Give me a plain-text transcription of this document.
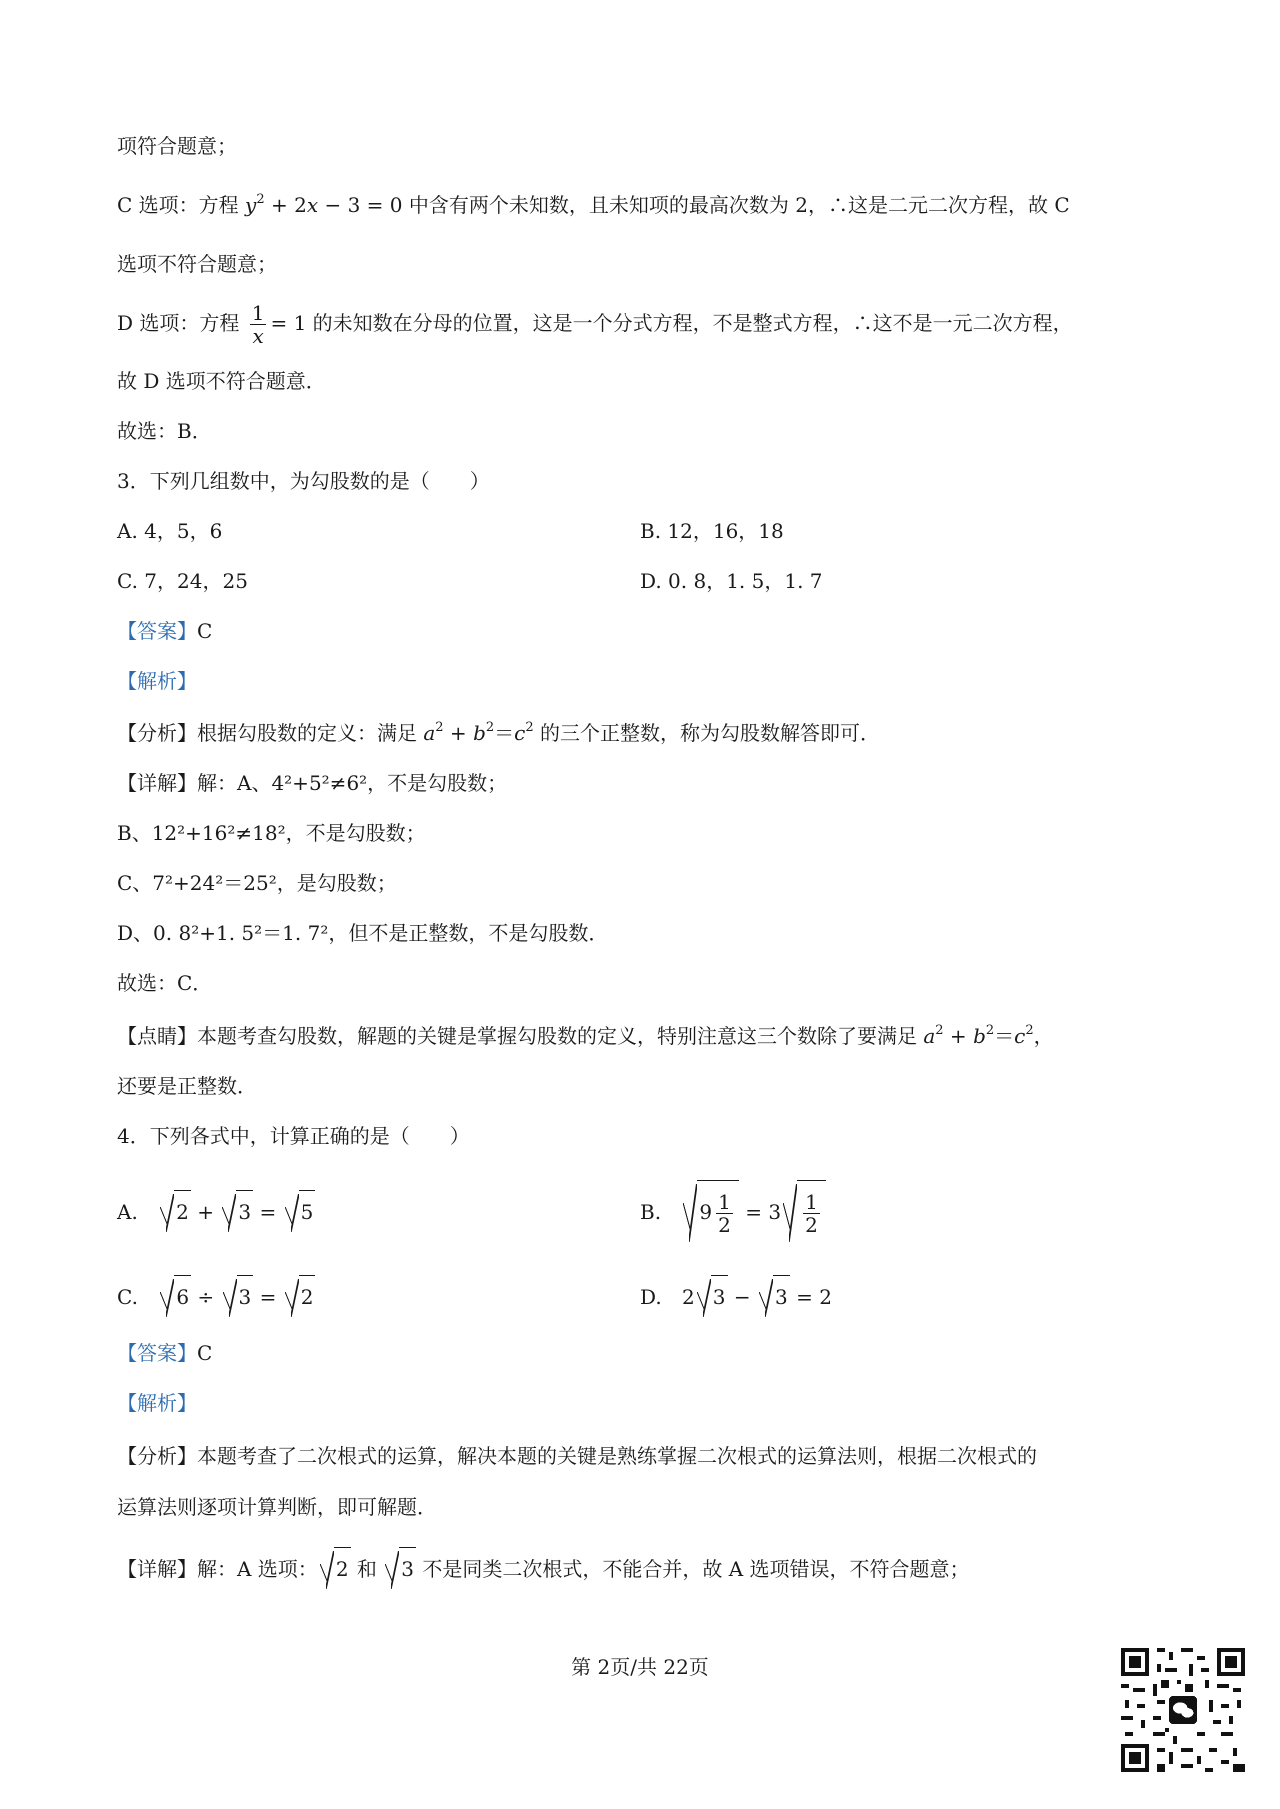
项符合题意；
C 选项：方程 $y^2 + 2x - 3 = 0$ 中含有两个未知数，且未知项的最高次数为 2，∴这是二元二次方程，故 C
选项不符合题意；
D 选项：方程 $\frac{1}{x} = 1$ 的未知数在分母的位置，这是一个分式方程，不是整式方程，∴这不是一元二次方程，
故 D 选项不符合题意．
故选：B．
3．下列几组数中，为勾股数的是（　　）
A. 4，5，6	B. 12，16，18
C. 7，24，25	D. 0. 8，1. 5，1. 7
【答案】C
【解析】
【分析】根据勾股数的定义：满足 $a^2 + b^2=c^2$ 的三个正整数，称为勾股数解答即可．
【详解】解：A、4²+5²≠6²，不是勾股数；
B、12²+16²≠18²，不是勾股数；
C、7²+24²＝25²，是勾股数；
D、0. 8²+1. 5²＝1. 7²，但不是正整数，不是勾股数．
故选：C．
【点睛】本题考查勾股数，解题的关键是掌握勾股数的定义，特别注意这三个数除了要满足 $a^2 + b^2=c^2$，
还要是正整数．
4．下列各式中，计算正确的是（　　）
A. 2 + 3 = 5	B. $9 \frac{1}{2} = 3 \frac{1}{2}$
C. 6 ÷ 3 = 2	D. 2 3 − 3 = 2
【答案】C
【解析】
【分析】本题考查了二次根式的运算，解决本题的关键是熟练掌握二次根式的运算法则，根据二次根式的
运算法则逐项计算判断，即可解题．
【详解】解：A 选项： 2 和 3 不是同类二次根式，不能合并，故 A 选项错误，不符合题意；
第 2页/共 22页
